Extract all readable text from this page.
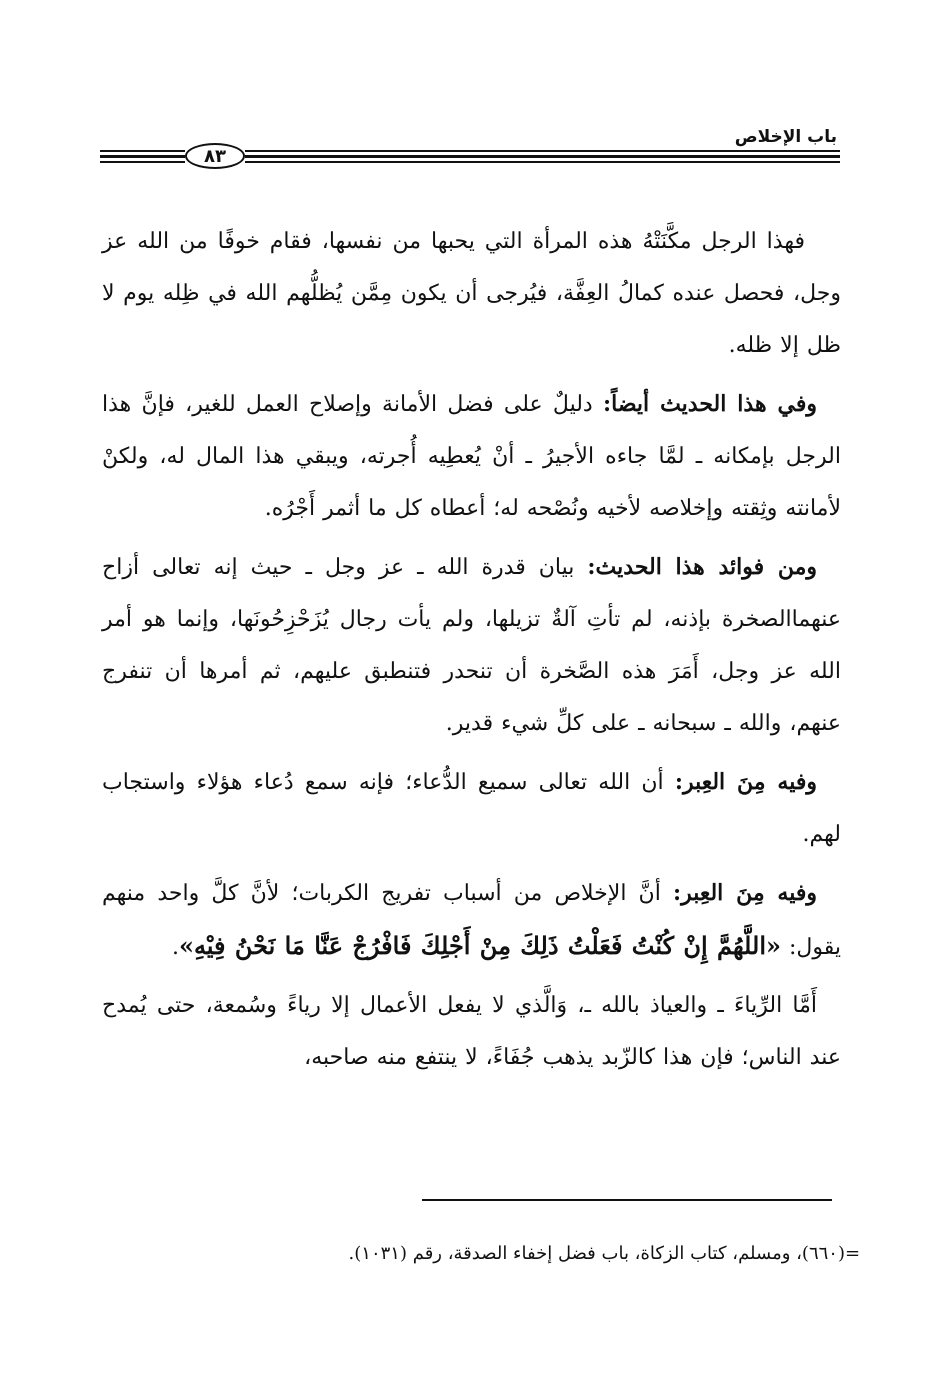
باب الإخلاص
٨٣

فهذا الرجل مكَّنَتْهُ هذه المرأة التي يحبها من نفسها، فقام خوفًا من الله عز وجل، فحصل عنده كمالُ العِفَّة، فيُرجى أن يكون مِمَّن يُظلُّهم الله في ظِله يوم لا ظل إلا ظله.

وفي هذا الحديث أيضاً: دليلٌ على فضل الأمانة وإصلاح العمل للغير، فإنَّ هذا الرجل بإمكانه ـ لمَّا جاءه الأجيرُ ـ أنْ يُعطِيه أُجرته، ويبقي هذا المال له، ولكنْ لأمانته وثِقته وإخلاصه لأخيه ونُصْحه له؛ أعطاه كل ما أثمر أَجْرُه.

ومن فوائد هذا الحديث: بيان قدرة الله ـ عز وجل ـ حيث إنه تعالى أزاح عنهماالصخرة بإذنه، لم تأتِ آلةٌ تزيلها، ولم يأت رجال يُزَحْزِحُونَها، وإنما هو أمر الله عز وجل، أَمَرَ هذه الصَّخرة أن تنحدر فتنطبق عليهم، ثم أمرها أن تنفرج عنهم، والله ـ سبحانه ـ على كلِّ شيء قدير.

وفيه مِنَ العِبر: أن الله تعالى سميع الدُّعاء؛ فإنه سمع دُعاء هؤلاء واستجاب لهم.

وفيه مِنَ العِبر: أنَّ الإخلاص من أسباب تفريج الكربات؛ لأنَّ كلَّ واحد منهم يقول: «اللَّهُمَّ إِنْ كُنْتُ فَعَلْتُ ذَلِكَ مِنْ أَجْلِكَ فَافْرُجْ عَنَّا مَا نَحْنُ فِيْهِ».

أَمَّا الرِّياءَ ـ والعياذ بالله ـ، وَالَّذي لا يفعل الأعمال إلا رياءً وسُمعة، حتى يُمدح عند الناس؛ فإن هذا كالزّبد يذهب جُفَاءً، لا ينتفع منه صاحبه،

(٦٦٠)، ومسلم، كتاب الزكاة، باب فضل إخفاء الصدقة، رقم (١٠٣١). =
